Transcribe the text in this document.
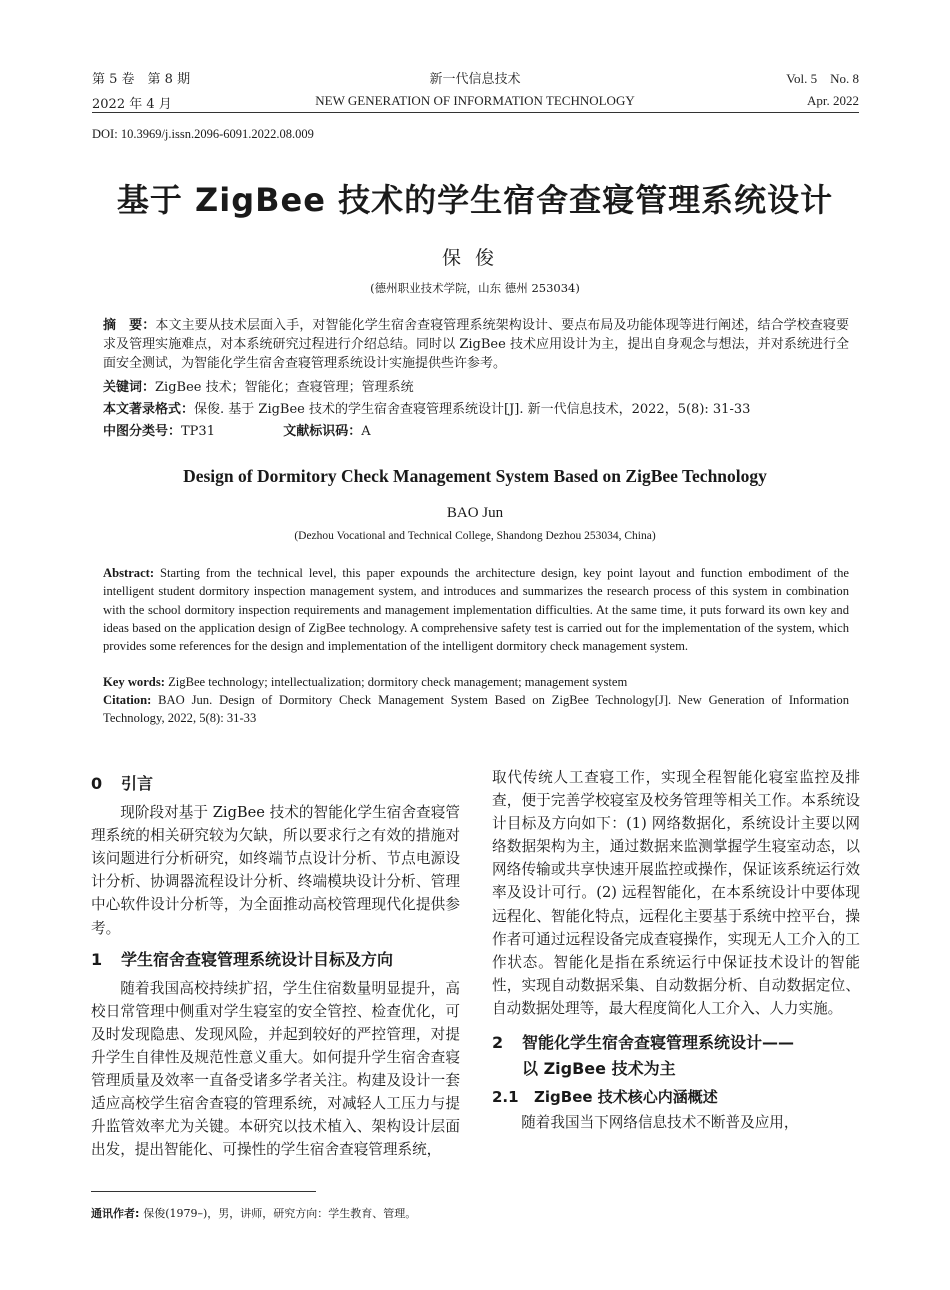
第 5 卷　第 8 期	新一代信息技术	Vol. 5　No. 8
2022 年 4 月	NEW GENERATION OF INFORMATION TECHNOLOGY	Apr. 2022
DOI: 10.3969/j.issn.2096-6091.2022.08.009
基于 ZigBee 技术的学生宿舍查寝管理系统设计
保俊
(德州职业技术学院，山东 德州 253034)
摘　要：本文主要从技术层面入手，对智能化学生宿舍查寝管理系统架构设计、要点布局及功能体现等进行阐述，结合学校查寝要求及管理实施难点，对本系统研究过程进行介绍总结。同时以 ZigBee 技术应用设计为主，提出自身观念与想法，并对系统进行全面安全测试，为智能化学生宿舍查寝管理系统设计实施提供些许参考。
关键词：ZigBee 技术；智能化；查寝管理；管理系统
本文著录格式：保俊. 基于 ZigBee 技术的学生宿舍查寝管理系统设计[J]. 新一代信息技术，2022，5(8): 31-33
中图分类号：TP31	文献标识码：A
Design of Dormitory Check Management System Based on ZigBee Technology
BAO Jun
(Dezhou Vocational and Technical College, Shandong Dezhou 253034, China)
Abstract: Starting from the technical level, this paper expounds the architecture design, key point layout and function embodiment of the intelligent student dormitory inspection management system, and introduces and summarizes the research process of this system in combination with the school dormitory inspection requirements and management implementation difficulties. At the same time, it puts forward its own key and ideas based on the application design of ZigBee technology. A comprehensive safety test is carried out for the implementation of the system, which provides some references for the design and implementation of the intelligent dormitory check management system.
Key words: ZigBee technology; intellectualization; dormitory check management; management system
Citation: BAO Jun. Design of Dormitory Check Management System Based on ZigBee Technology[J]. New Generation of Information Technology, 2022, 5(8): 31-33
0 引言

现阶段对基于 ZigBee 技术的智能化学生宿舍查寝管理系统的相关研究较为欠缺，所以要求行之有效的措施对该问题进行分析研究，如终端节点设计分析、节点电源设计分析、协调器流程设计分析、终端模块设计分析、管理中心软件设计分析等，为全面推动高校管理现代化提供参考。

1 学生宿舍查寝管理系统设计目标及方向

随着我国高校持续扩招，学生住宿数量明显提升，高校日常管理中侧重对学生寝室的安全管控、检查优化，可及时发现隐患、发现风险，并起到较好的严控管理，对提升学生自律性及规范性意义重大。如何提升学生宿舍查寝管理质量及效率一直备受诸多学者关注。构建及设计一套适应高校学生宿舍查寝的管理系统，对减轻人工压力与提升监管效率尤为关键。本研究以技术植入、架构设计层面出发，提出智能化、可操性的学生宿舍查寝管理系统，

取代传统人工查寝工作，实现全程智能化寝室监控及排查，便于完善学校寝室及校务管理等相关工作。本系统设计目标及方向如下：(1) 网络数据化，系统设计主要以网络数据架构为主，通过数据来监测掌握学生寝室动态，以网络传输或共享快速开展监控或操作，保证该系统运行效率及设计可行。(2) 远程智能化，在本系统设计中要体现远程化、智能化特点，远程化主要基于系统中控平台，操作者可通过远程设备完成查寝操作，实现无人工介入的工作状态。智能化是指在系统运行中保证技术设计的智能性，实现自动数据采集、自动数据分析、自动数据定位、自动数据处理等，最大程度简化人工介入、人力实施。

2 智能化学生宿舍查寝管理系统设计——
以 ZigBee 技术为主
2.1 ZigBee 技术核心内涵概述

随着我国当下网络信息技术不断普及应用，

通讯作者: 保俊(1979–)，男，讲师，研究方向：学生教育、管理。
